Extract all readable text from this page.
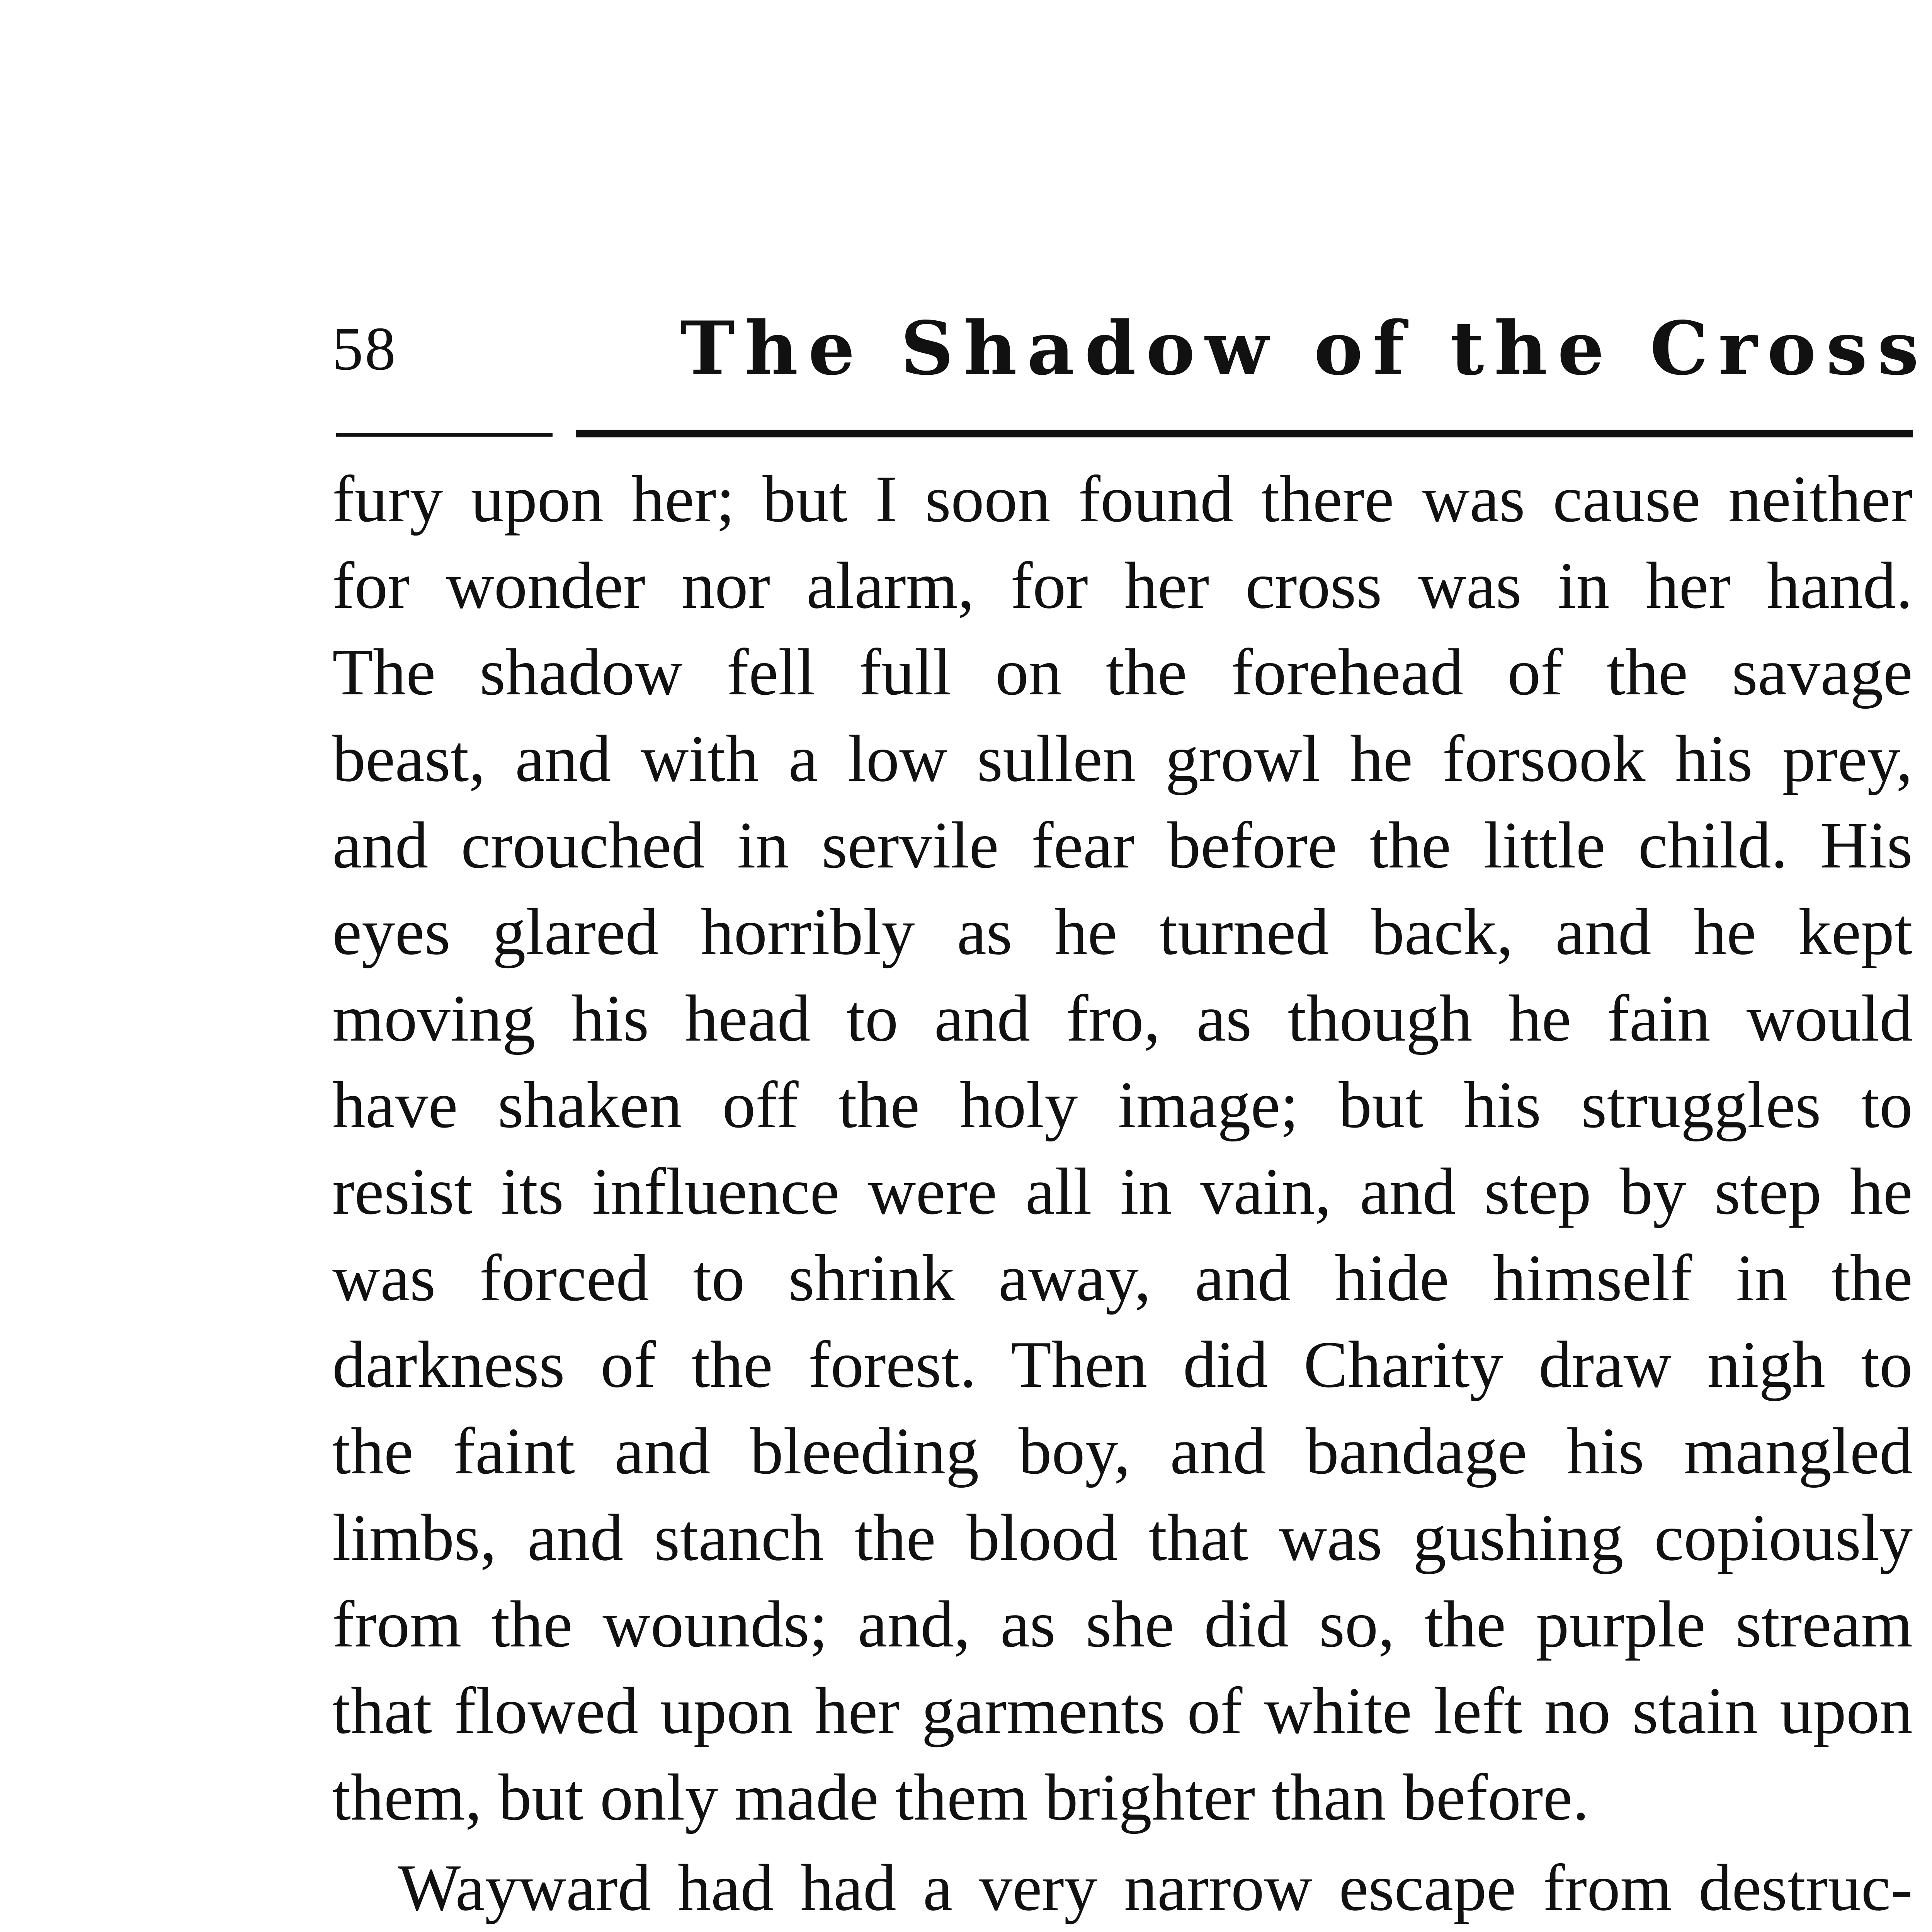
58	The Shadow of the Cross
fury upon her; but I soon found there was cause neither
for wonder nor alarm, for her cross was in her hand.
The shadow fell full on the forehead of the savage
beast, and with a low sullen growl he forsook his prey,
and crouched in servile fear before the little child. His
eyes glared horribly as he turned back, and he kept
moving his head to and fro, as though he fain would
have shaken off the holy image; but his struggles to
resist its influence were all in vain, and step by step he
was forced to shrink away, and hide himself in the
darkness of the forest. Then did Charity draw nigh to
the faint and bleeding boy, and bandage his mangled
limbs, and stanch the blood that was gushing copiously
from the wounds; and, as she did so, the purple stream
that flowed upon her garments of white left no stain upon
them, but only made them brighter than before.
Wayward had had a very narrow escape from destruc-
